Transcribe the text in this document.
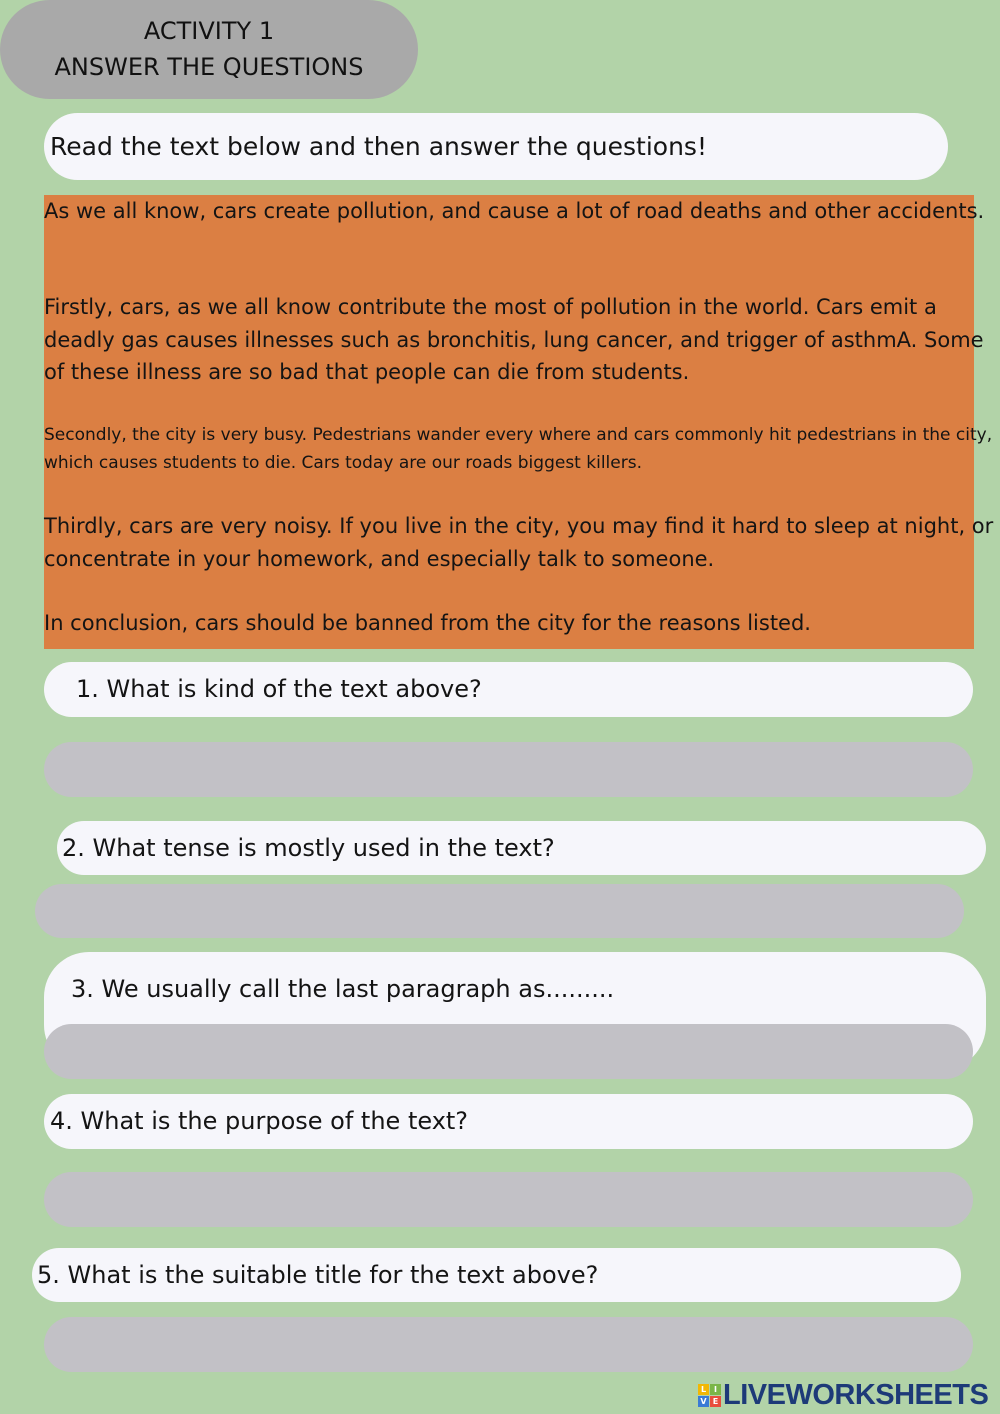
ACTIVITY 1
ANSWER THE QUESTIONS
Read the text below and then answer the questions!

As we all know, cars create pollution, and cause a lot of road deaths and other accidents.

Firstly, cars, as we all know contribute the most of pollution in the world. Cars emit a deadly gas causes illnesses such as bronchitis, lung cancer, and trigger of asthmA. Some of these illness are so bad that people can die from students.

Secondly, the city is very busy. Pedestrians wander every where and cars commonly hit pedestrians in the city, which causes students to die. Cars today are our roads biggest killers.

Thirdly, cars are very noisy. If you live in the city, you may find it hard to sleep at night, or concentrate in your homework, and especially talk to someone.

In conclusion, cars should be banned from the city for the reasons listed.

1. What is kind of the text above?
2. What tense is mostly used in the text?
3. We usually call the last paragraph as.........
4. What is the purpose of the text?
5. What is the suitable title for the text above?
L I
V E LIVEWORKSHEETS
